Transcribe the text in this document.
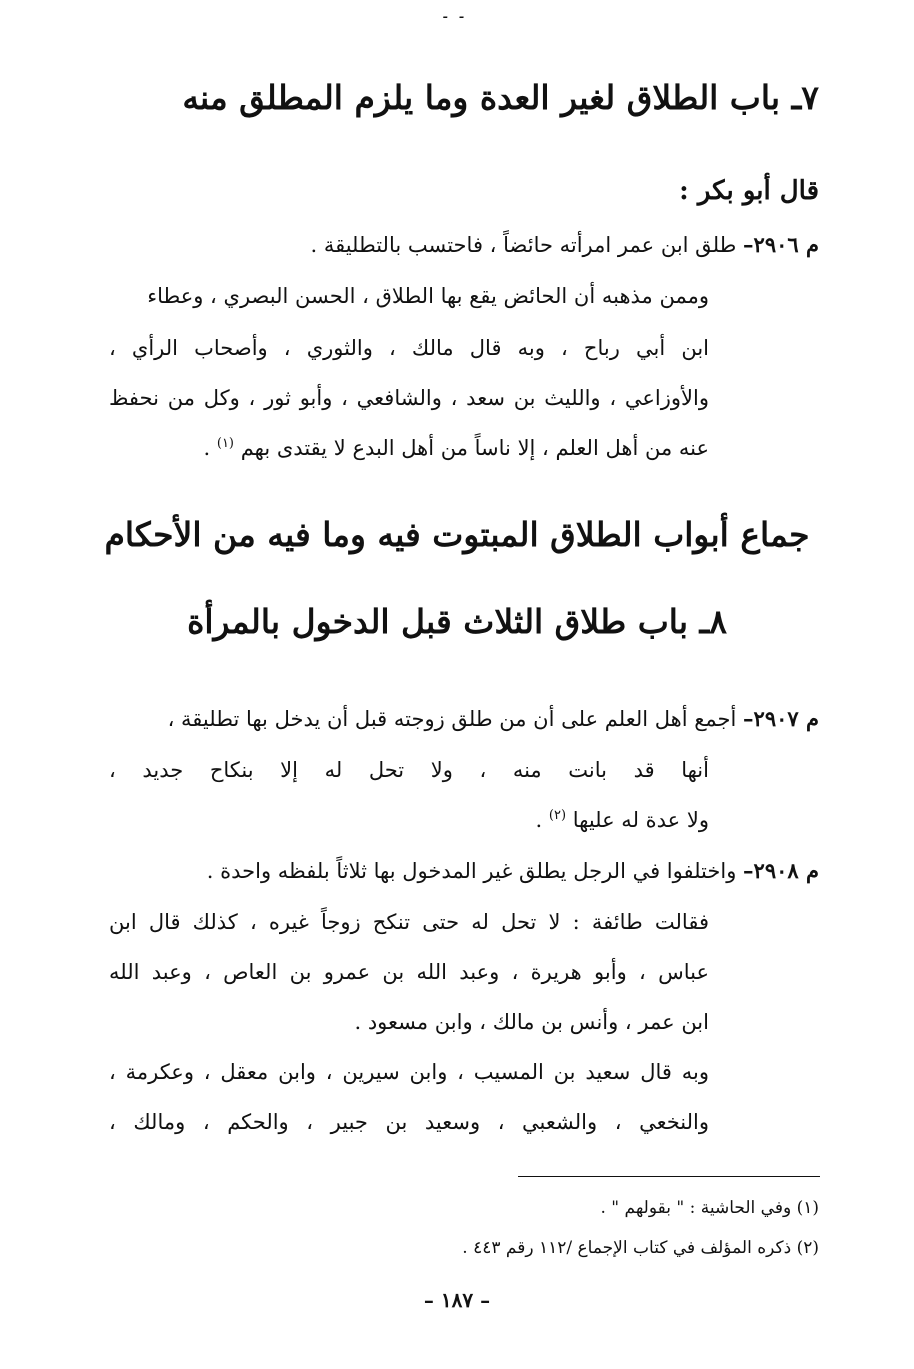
۔ ۔
٧ـ باب الطلاق لغير العدة وما يلزم المطلق منه
قال أبو بكر :
م ٢٩٠٦– طلق ابن عمر امرأته حائضاً ، فاحتسب بالتطليقة .
وممن مذهبه أن الحائض يقع بها الطلاق ، الحسن البصري ، وعطاء
ابن أبي رباح ، وبه قال مالك ، والثوري ، وأصحاب الرأي ،
والأوزاعي ، والليث بن سعد ، والشافعي ، وأبو ثور ، وكل من نحفظ
عنه من أهل العلم ، إلا ناساً من أهل البدع لا يقتدى بهم $^{(١)}$ .
جماع أبواب الطلاق المبتوت فيه وما فيه من الأحكام
٨ـ باب طلاق الثلاث قبل الدخول بالمرأة
م ٢٩٠٧– أجمع أهل العلم على أن من طلق زوجته قبل أن يدخل بها تطليقة ،
أنها قد بانت منه ، ولا تحل له إلا بنكاح جديد ،
ولا عدة له عليها $^{(٢)}$ .
م ٢٩٠٨– واختلفوا في الرجل يطلق غير المدخول بها ثلاثاً بلفظه واحدة .
فقالت طائفة : لا تحل له حتى تنكح زوجاً غيره ، كذلك قال ابن
عباس ، وأبو هريرة ، وعبد الله بن عمرو بن العاص ، وعبد الله
ابن عمر ، وأنس بن مالك ، وابن مسعود .
وبه قال سعيد بن المسيب ، وابن سيرين ، وابن معقل ، وعكرمة ،
والنخعي ، والشعبي ، وسعيد بن جبير ، والحكم ، ومالك ،
(١) وفي الحاشية : " بقولهم " .
(٢) ذكره المؤلف في كتاب الإجماع /١١٢ رقم ٤٤٣ .
– ١٨٧ –
